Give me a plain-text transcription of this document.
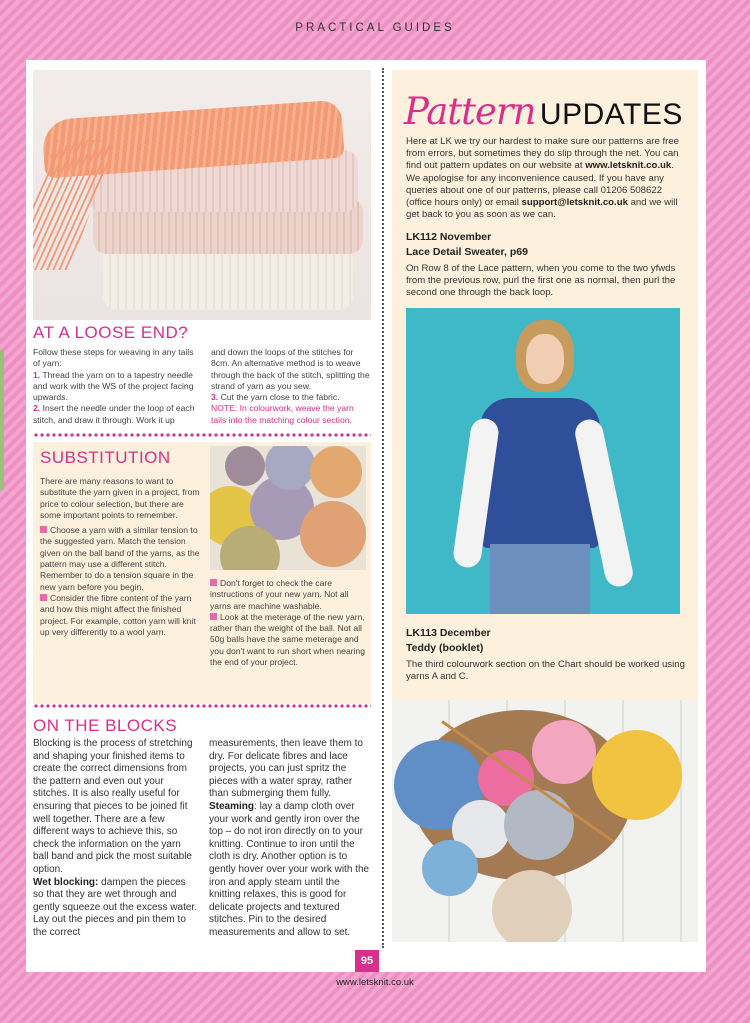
PRACTICAL GUIDES
AT A LOOSE END?
Follow these steps for weaving in any tails of yarn:
1. Thread the yarn on to a tapestry needle and work with the WS of the project facing upwards.
2. Insert the needle under the loop of each stitch, and draw it through. Work it up
and down the loops of the stitches for 8cm. An alternative method is to weave through the back of the stitch, splitting the strand of yarn as you sew.
3. Cut the yarn close to the fabric.
NOTE: In colourwork, weave the yarn tails into the matching colour section.
SUBSTITUTION
There are many reasons to want to substitute the yarn given in a project, from price to colour selection, but there are some important points to remember.
Choose a yarn with a similar tension to the suggested yarn. Match the tension given on the ball band of the yarns, as the pattern may use a different stitch. Remember to do a tension square in the new yarn before you begin.
Consider the fibre content of the yarn and how this might affect the finished project. For example, cotton yarn will knit up very differently to a wool yarn.
Don't forget to check the care instructions of your new yarn. Not all yarns are machine washable.
Look at the meterage of the new yarn, rather than the weight of the ball. Not all 50g balls have the same meterage and you don't want to run short when nearing the end of your project.
ON THE BLOCKS
Blocking is the process of stretching and shaping your finished items to create the correct dimensions from the pattern and even out your stitches. It is also really useful for ensuring that pieces to be joined fit well together. There are a few different ways to achieve this, so check the information on the yarn ball band and pick the most suitable option.
Wet blocking: dampen the pieces so that they are wet through and gently squeeze out the excess water. Lay out the pieces and pin them to the correct
measurements, then leave them to dry. For delicate fibres and lace projects, you can just spritz the pieces with a water spray, rather than submerging them fully.
Steaming: lay a damp cloth over your work and gently iron over the top – do not iron directly on to your knitting. Continue to iron until the cloth is dry. Another option is to gently hover over your work with the iron and apply steam until the knitting relaxes, this is good for delicate projects and textured stitches. Pin to the desired measurements and allow to set.
Pattern UPDATES
Here at LK we try our hardest to make sure our patterns are free from errors, but sometimes they do slip through the net. You can find out pattern updates on our website at www.letsknit.co.uk. We apologise for any inconvenience caused. If you have any queries about one of our patterns, please call 01206 508622 (office hours only) or email support@letsknit.co.uk and we will get back to you as soon as we can.
LK112 November
Lace Detail Sweater, p69
On Row 8 of the Lace pattern, when you come to the two yfwds from the previous row, purl the first one as normal, then purl the second one through the back loop.
LK113 December
Teddy (booklet)
The third colourwork section on the Chart should be worked using yarns A and C.
95
www.letsknit.co.uk
